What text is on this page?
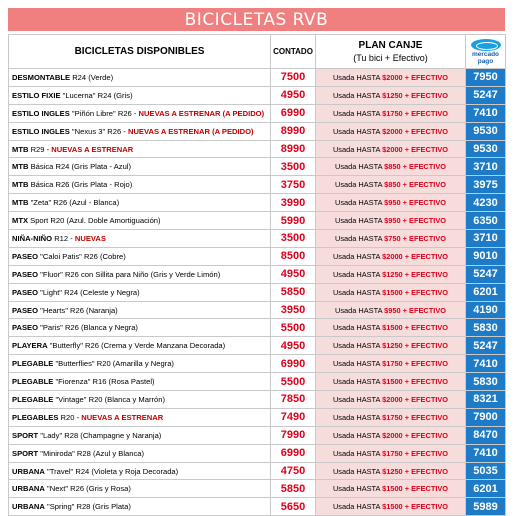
BICICLETAS RVB
BICICLETAS DISPONIBLES	CONTADO	PLAN CANJE
(Tu bici + Efectivo)	mercado
pago

DESMONTABLE R24 (Verde)	7500	Usada HASTA $2000 + EFECTIVO	7950
ESTILO FIXIE "Lucerna" R24 (Gris)	4950	Usada HASTA $1250 + EFECTIVO	5247
ESTILO INGLES "Piñón Libre" R26 - NUEVAS A ESTRENAR (A PEDIDO)	6990	Usada HASTA $1750 + EFECTIVO	7410
ESTILO INGLES "Nexus 3" R26 - NUEVAS A ESTRENAR (A PEDIDO)	8990	Usada HASTA $2000 + EFECTIVO	9530
MTB R29 - NUEVAS A ESTRENAR	8990	Usada HASTA $2000 + EFECTIVO	9530
MTB Básica R24 (Gris Plata - Azul)	3500	Usada HASTA $850 + EFECTIVO	3710
MTB Básica R26 (Gris Plata - Rojo)	3750	Usada HASTA $850 + EFECTIVO	3975
MTB "Zeta" R26 (Azul - Blanca)	3990	Usada HASTA $950 + EFECTIVO	4230
MTX Sport R20 (Azul. Doble Amortiguación)	5990	Usada HASTA $950 + EFECTIVO	6350
NIÑA-NIÑO R12 - NUEVAS	3500	Usada HASTA $750 + EFECTIVO	3710
PASEO "Caloi Patis" R26 (Cobre)	8500	Usada HASTA $2000 + EFECTIVO	9010
PASEO "Fluor" R26 con Sillita para Niño (Gris y Verde Limón)	4950	Usada HASTA $1250 + EFECTIVO	5247
PASEO "Light" R24 (Celeste y Negra)	5850	Usada HASTA $1500 + EFECTIVO	6201
PASEO "Hearts" R26 (Naranja)	3950	Usada HASTA $950 + EFECTIVO	4190
PASEO "Paris" R26 (Blanca y Negra)	5500	Usada HASTA $1500 + EFECTIVO	5830
PLAYERA "Butterfly" R26 (Crema y Verde Manzana Decorada)	4950	Usada HASTA $1250 + EFECTIVO	5247
PLEGABLE "Butterflies" R20 (Amarilla y Negra)	6990	Usada HASTA $1750 + EFECTIVO	7410
PLEGABLE "Fiorenza" R16 (Rosa Pastel)	5500	Usada HASTA $1500 + EFECTIVO	5830
PLEGABLE "Vintage" R20 (Blanca y Marrón)	7850	Usada HASTA $2000 + EFECTIVO	8321
PLEGABLES R20 - NUEVAS A ESTRENAR	7490	Usada HASTA $1750 + EFECTIVO	7900
SPORT "Lady" R28 (Champagne y Naranja)	7990	Usada HASTA $2000 + EFECTIVO	8470
SPORT "Miniroda" R28 (Azul y Blanca)	6990	Usada HASTA $1750 + EFECTIVO	7410
URBANA "Travel" R24 (Violeta y Roja Decorada)	4750	Usada HASTA $1250 + EFECTIVO	5035
URBANA "Next" R26 (Gris y Rosa)	5850	Usada HASTA $1500 + EFECTIVO	6201
URBANA "Spring" R28 (Gris Plata)	5650	Usada HASTA $1500 + EFECTIVO	5989
